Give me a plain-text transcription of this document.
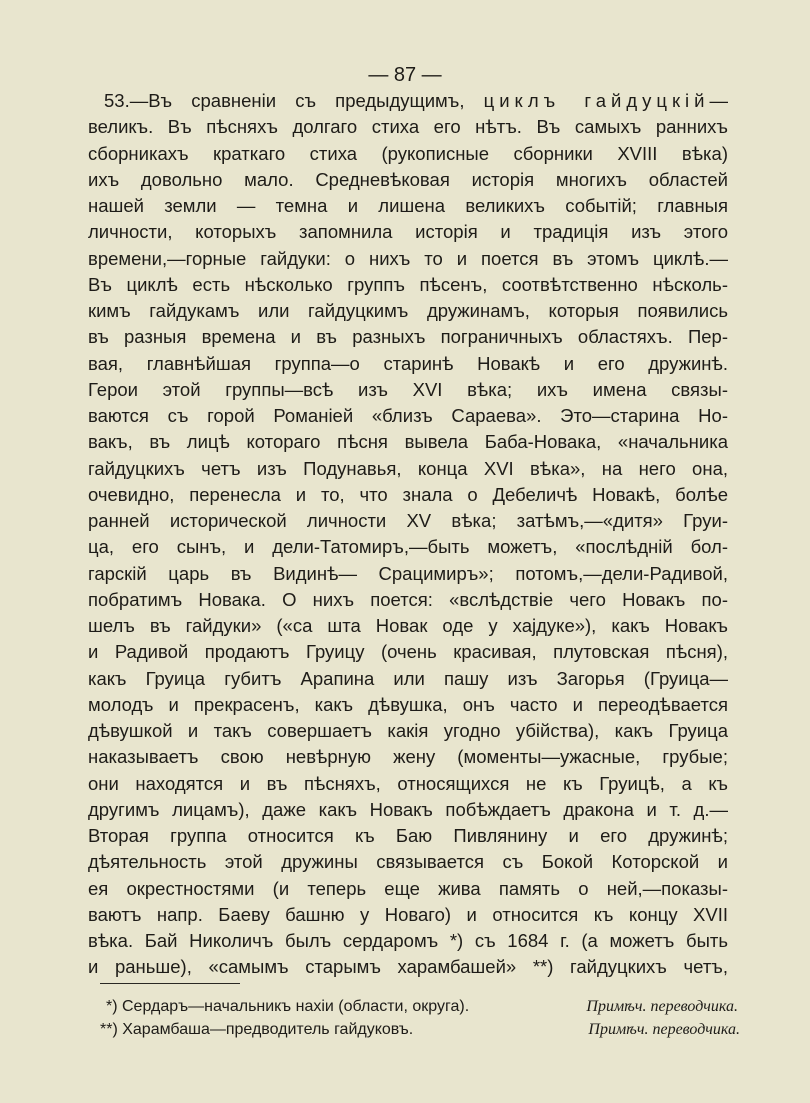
— 87 —
53.—Въ сравненіи съ предыдущимъ, циклъ гайдуцкій—
великъ. Въ пѣсняхъ долгаго стиха его нѣтъ. Въ самыхъ раннихъ
сборникахъ краткаго стиха (рукописные сборники XVIII вѣка)
ихъ довольно мало. Средневѣковая исторія многихъ областей
нашей земли — темна и лишена великихъ событій; главныя
личности, которыхъ запомнила исторія и традиція изъ этого
времени,—горные гайдуки: о нихъ то и поется въ этомъ циклѣ.—
Въ циклѣ есть нѣсколько группъ пѣсенъ, соотвѣтственно нѣсколь-
кимъ гайдукамъ или гайдуцкимъ дружинамъ, которыя появились
въ разныя времена и въ разныхъ пограничныхъ областяхъ. Пер-
вая, главнѣйшая группа—о старинѣ Новакѣ и его дружинѣ.
Герои этой группы—всѣ изъ XVI вѣка; ихъ имена связы-
ваются съ горой Романіей «близъ Сараева». Это—старина Но-
вакъ, въ лицѣ котораго пѣсня вывела Баба-Новака, «начальника
гайдуцкихъ четъ изъ Подунавья, конца XVI вѣка», на него она,
очевидно, перенесла и то, что знала о Дебеличѣ Новакѣ, болѣе
ранней исторической личности XV вѣка; затѣмъ,—«дитя» Груи-
ца, его сынъ, и дели-Татомиръ,—быть можетъ, «послѣдній бол-
гарскій царь въ Видинѣ— Срацимиръ»; потомъ,—дели-Радивой,
побратимъ Новака. О нихъ поется: «вслѣдствіе чего Новакъ по-
шелъ въ гайдуки» («са шта Новак оде у хајдуке»), какъ Новакъ
и Радивой продаютъ Груицу (очень красивая, плутовская пѣсня),
какъ Груица губитъ Арапина или пашу изъ Загорья (Груица—
молодъ и прекрасенъ, какъ дѣвушка, онъ часто и переодѣвается
дѣвушкой и такъ совершаетъ какія угодно убійства), какъ Груица
наказываетъ свою невѣрную жену (моменты—ужасные, грубые;
они находятся и въ пѣсняхъ, относящихся не къ Груицѣ, а къ
другимъ лицамъ), даже какъ Новакъ побѣждаетъ дракона и т. д.—
Вторая группа относится къ Баю Пивлянину и его дружинѣ;
дѣятельность этой дружины связывается съ Бокой Которской и
ея окрестностями (и теперь еще жива память о ней,—показы-
ваютъ напр. Баеву башню у Новаго) и относится къ концу XVII
вѣка. Бай Николичъ былъ сердаромъ *) съ 1684 г. (а можетъ быть
и раньше), «самымъ старымъ харамбашей» **) гайдуцкихъ четъ,
*) Сердаръ—начальникъ нахіи (области, округа).	Примѣч. переводчика.
**) Харамбаша—предводитель гайдуковъ.	Примѣч. переводчика.
